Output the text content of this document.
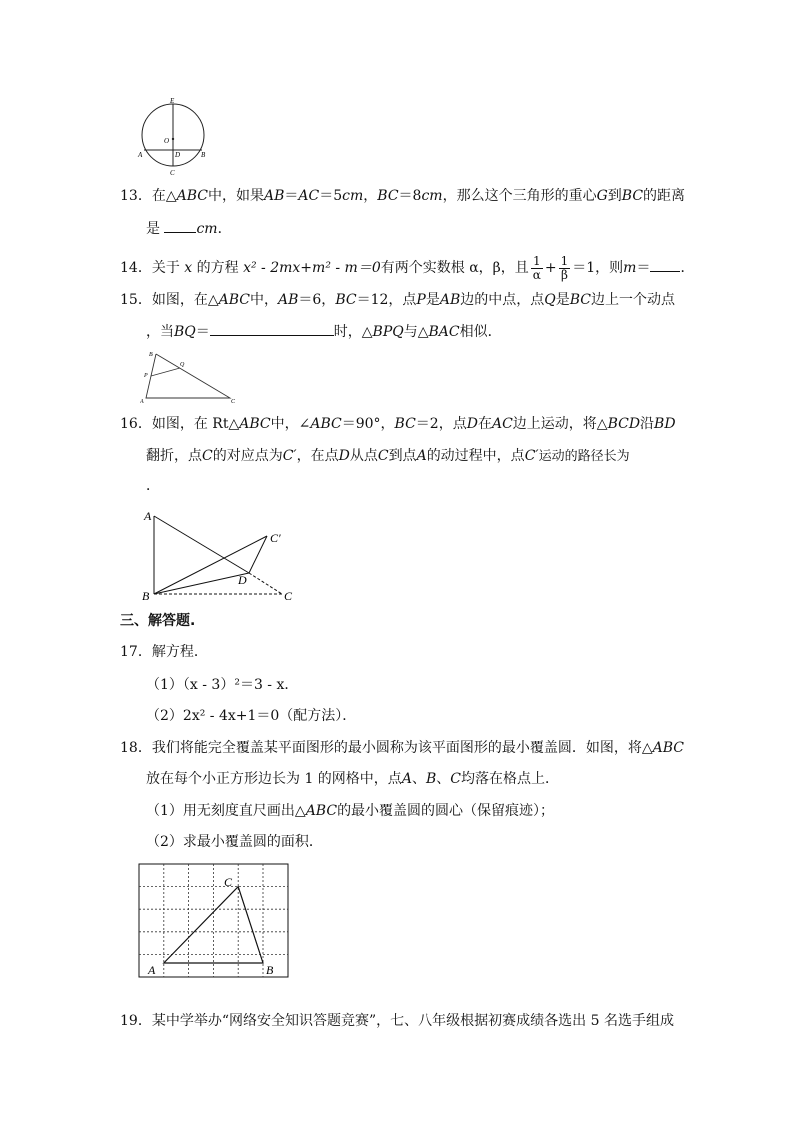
E
O
A	D	B
C
13．在△ABC中，如果AB＝AC＝5cm，BC＝8cm，那么这个三角形的重心G到BC的距离
是	cm．
14．关于 x 的方程 x² - 2mx+m² - m＝0有两个实数根 α，β，且 $\frac{1}{\alpha} + \frac{1}{\beta} =1$，则m＝ ．
15．如图，在△ABC中，AB＝6，BC＝12，点P是AB边的中点，点Q是BC边上一个动点
，当BQ＝	时，△BPQ与△BAC相似．
B
Q
P
A	C
16．如图，在 Rt△ABC中，∠ABC＝90°，BC＝2，点D在AC边上运动，将△BCD沿BD
翻折，点C的对应点为C′，在点D从点C到点A的动过程中，点C′运动的路径长为
．
A
C′
D
B	C
三、解答题.
17．解方程．
（1）（x - 3）²＝3 - x．
（2）2x² - 4x+1＝0（配方法）．
18．我们将能完全覆盖某平面图形的最小圆称为该平面图形的最小覆盖圆．如图，将△ABC
放在每个小正方形边长为 1 的网格中，点A、B、C均落在格点上．
（1）用无刻度直尺画出△ABC的最小覆盖圆的圆心（保留痕迹）；
（2）求最小覆盖圆的面积．
C
A	B
19．某中学举办“网络安全知识答题竞赛”，七、八年级根据初赛成绩各选出 5 名选手组成
